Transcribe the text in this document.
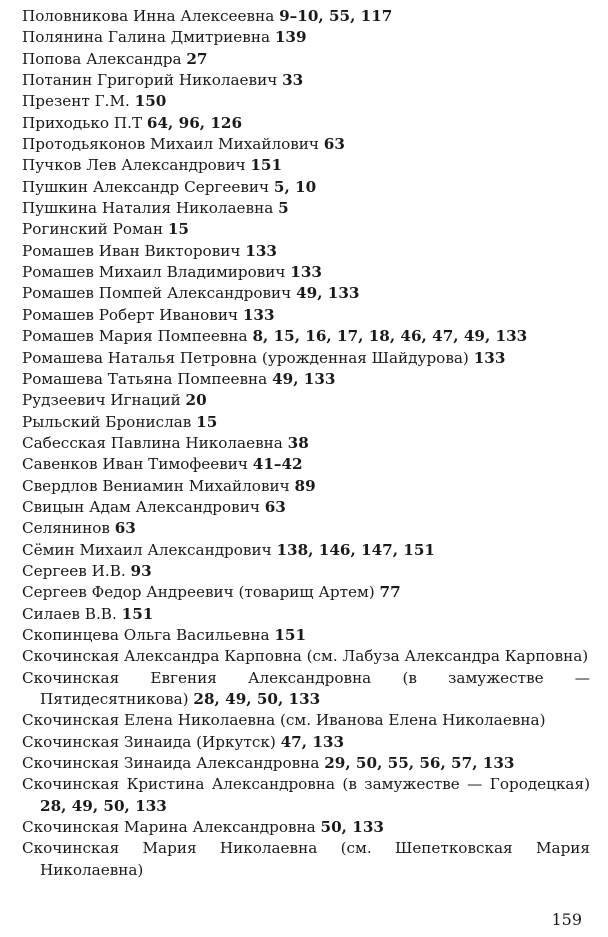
Половникова Инна Алексеевна 9–10, 55, 117
Полянина Галина Дмитриевна 139
Попова Александра 27
Потанин Григорий Николаевич 33
Презент Г.М. 150
Приходько П.Т 64, 96, 126
Протодьяконов Михаил Михайлович 63
Пучков Лев Александрович 151
Пушкин Александр Сергеевич 5, 10
Пушкина Наталия Николаевна 5
Рогинский Роман 15
Ромашев Иван Викторович 133
Ромашев Михаил Владимирович 133
Ромашев Помпей Александрович 49, 133
Ромашев Роберт Иванович 133
Ромашев Мария Помпеевна 8, 15, 16, 17, 18, 46, 47, 49, 133
Ромашева Наталья Петровна (урожденная Шайдурова) 133
Ромашева Татьяна Помпеевна 49, 133
Рудзеевич Игнаций 20
Рыльский Бронислав 15
Сабесская Павлина Николаевна 38
Савенков Иван Тимофеевич 41–42
Свердлов Вениамин Михайлович 89
Свицын Адам Александрович 63
Селянинов 63
Сёмин Михаил Александрович 138, 146, 147, 151
Сергеев И.В. 93
Сергеев Федор Андреевич (товарищ Артем) 77
Силаев В.В. 151
Скопинцева Ольга Васильевна 151
Скочинская Александра Карповна (см. Лабуза Александра Карповна)
Скочинская Евгения Александровна (в замужестве — Пятидесятникова) 28, 49, 50, 133
Скочинская Елена Николаевна (см. Иванова Елена Николаевна)
Скочинская Зинаида (Иркутск) 47, 133
Скочинская Зинаида Александровна 29, 50, 55, 56, 57, 133
Скочинская Кристина Александровна (в замужестве — Городецкая) 28, 49, 50, 133
Скочинская Марина Александровна 50, 133
Скочинская Мария Николаевна (см. Шепетковская Мария Николаевна)
159
